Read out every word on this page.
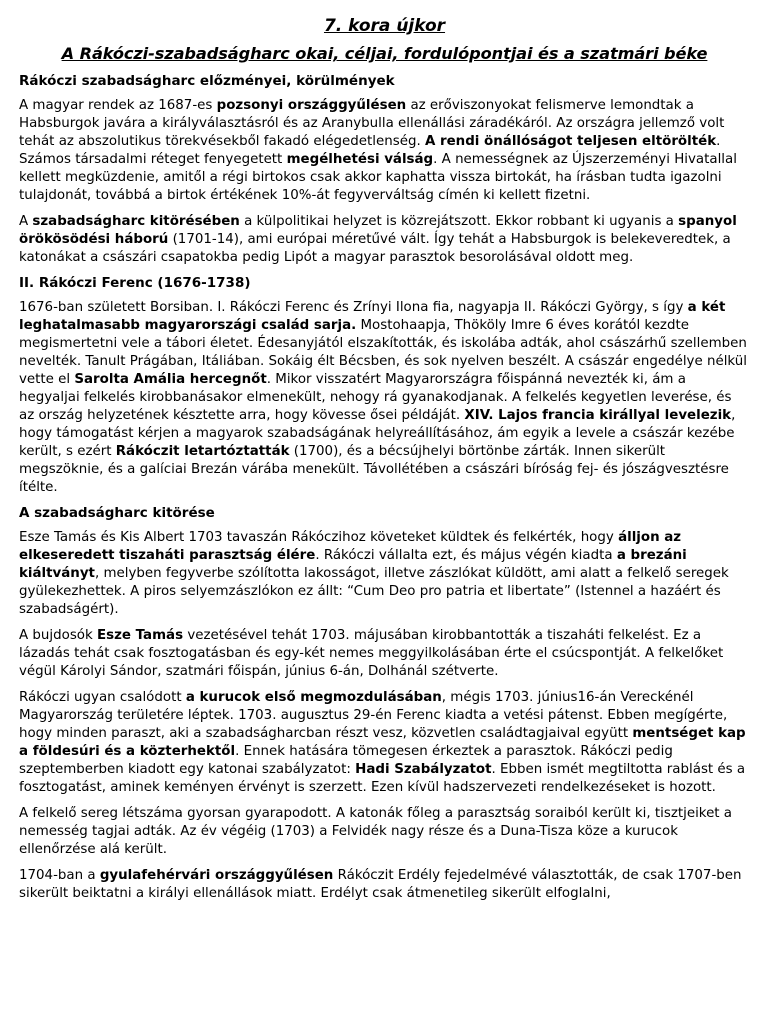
7. kora újkor
A Rákóczi-szabadságharc okai, céljai, fordulópontjai és a szatmári béke
Rákóczi szabadságharc előzményei, körülmények

A magyar rendek az 1687-es pozsonyi országgyűlésen az erőviszonyokat felismerve lemondtak a Habsburgok javára a királyválasztásról és az Aranybulla ellenállási záradékáról. Az országra jellemző volt tehát az abszolutikus törekvésekből fakadó elégedetlenség. A rendi önállóságot teljesen eltörölték. Számos társadalmi réteget fenyegetett megélhetési válság. A nemességnek az Újszerzeményi Hivatallal kellett megküzdenie, amitől a régi birtokos csak akkor kaphatta vissza birtokát, ha írásban tudta igazolni tulajdonát, továbbá a birtok értékének 10%-át fegyverváltság címén ki kellett fizetni.

A szabadságharc kitörésében a külpolitikai helyzet is közrejátszott. Ekkor robbant ki ugyanis a spanyol örökösödési háború (1701-14), ami európai méretűvé vált. Így tehát a Habsburgok is belekeveredtek, a katonákat a császári csapatokba pedig Lipót a magyar parasztok besorolásával oldott meg.

II. Rákóczi Ferenc (1676-1738)

1676-ban született Borsiban. I. Rákóczi Ferenc és Zrínyi Ilona fia, nagyapja II. Rákóczi György, s így a két leghatalmasabb magyarországi család sarja. Mostohaapja, Thököly Imre 6 éves korától kezdte megismertetni vele a tábori életet. Édesanyjától elszakították, és iskolába adták, ahol császárhű szellemben nevelték. Tanult Prágában, Itáliában. Sokáig élt Bécsben, és sok nyelven beszélt. A császár engedélye nélkül vette el Sarolta Amália hercegnőt. Mikor visszatért Magyarországra főispánná nevezték ki, ám a hegyaljai felkelés kirobbanásakor elmenekült, nehogy rá gyanakodjanak. A felkelés kegyetlen leverése, és az ország helyzetének késztette arra, hogy kövesse ősei példáját. XIV. Lajos francia királlyal levelezik, hogy támogatást kérjen a magyarok szabadságának helyreállításához, ám egyik a levele a császár kezébe került, s ezért Rákóczit letartóztatták (1700), és a bécsújhelyi börtönbe zárták. Innen sikerült megszöknie, és a galíciai Brezán várába menekült. Távollétében a császári bíróság fej- és jószágvesztésre ítélte.

A szabadságharc kitörése

Esze Tamás és Kis Albert 1703 tavaszán Rákóczihoz követeket küldtek és felkérték, hogy álljon az elkeseredett tiszaháti parasztság élére. Rákóczi vállalta ezt, és május végén kiadta a brezáni kiáltványt, melyben fegyverbe szólította lakosságot, illetve zászlókat küldött, ami alatt a felkelő seregek gyülekezhettek. A piros selyemzászlókon ez állt: “Cum Deo pro patria et libertate” (Istennel a hazáért és szabadságért).

A bujdosók Esze Tamás vezetésével tehát 1703. májusában kirobbantották a tiszaháti felkelést. Ez a lázadás tehát csak fosztogatásban és egy-két nemes meggyilkolásában érte el csúcspontját. A felkelőket végül Károlyi Sándor, szatmári főispán, június 6-án, Dolhánál szétverte.

Rákóczi ugyan csalódott a kurucok első megmozdulásában, mégis 1703. június16-án Vereckénél Magyarország területére léptek. 1703. augusztus 29-én Ferenc kiadta a vetési pátenst. Ebben megígérte, hogy minden paraszt, aki a szabadságharcban részt vesz, közvetlen családtagjaival együtt mentséget kap a földesúri és a közterhektől. Ennek hatására tömegesen érkeztek a parasztok. Rákóczi pedig szeptemberben kiadott egy katonai szabályzatot: Hadi Szabályzatot. Ebben ismét megtiltotta rablást és a fosztogatást, aminek keményen érvényt is szerzett. Ezen kívül hadszervezeti rendelkezéseket is hozott.

A felkelő sereg létszáma gyorsan gyarapodott. A katonák főleg a parasztság soraiból került ki, tisztjeiket a nemesség tagjai adták. Az év végéig (1703) a Felvidék nagy része és a Duna-Tisza köze a kurucok ellenőrzése alá került.

1704-ban a gyulafehérvári országgyűlésen Rákóczit Erdély fejedelmévé választották, de csak 1707-ben sikerült beiktatni a királyi ellenállások miatt. Erdélyt csak átmenetileg sikerült elfoglalni,
